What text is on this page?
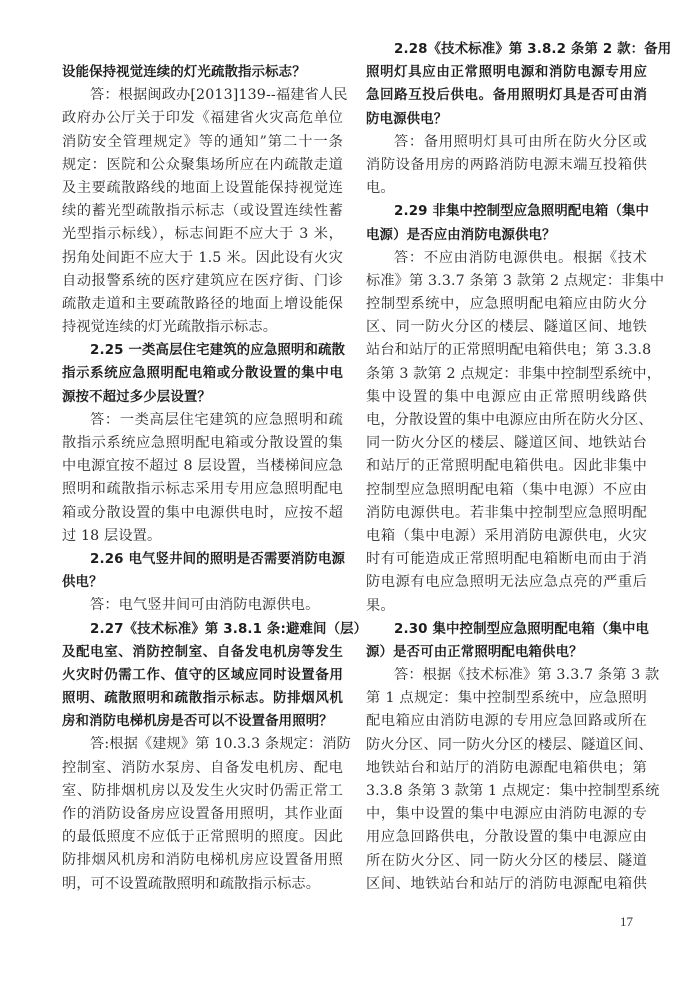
设能保持视觉连续的灯光疏散指示标志？
答：根据闽政办[2013]139--福建省人民
政府办公厅关于印发《福建省火灾高危单位
消防安全管理规定》等的通知”第二十一条
规定：医院和公众聚集场所应在内疏散走道
及主要疏散路线的地面上设置能保持视觉连
续的蓄光型疏散指示标志（或设置连续性蓄
光型指示标线），标志间距不应大于 3 米，
拐角处间距不应大于 1.5 米。因此设有火灾
自动报警系统的医疗建筑应在医疗街、门诊
疏散走道和主要疏散路径的地面上增设能保
持视觉连续的灯光疏散指示标志。
2.25 一类高层住宅建筑的应急照明和疏散
指示系统应急照明配电箱或分散设置的集中电
源按不超过多少层设置？
答：一类高层住宅建筑的应急照明和疏
散指示系统应急照明配电箱或分散设置的集
中电源宜按不超过 8 层设置，当楼梯间应急
照明和疏散指示标志采用专用应急照明配电
箱或分散设置的集中电源供电时，应按不超
过 18 层设置。
2.26 电气竖井间的照明是否需要消防电源
供电？
答：电气竖井间可由消防电源供电。
2.27《技术标准》第 3.8.1 条:避难间（层）
及配电室、消防控制室、自备发电机房等发生
火灾时仍需工作、值守的区域应同时设置备用
照明、疏散照明和疏散指示标志。防排烟风机
房和消防电梯机房是否可以不设置备用照明？
答:根据《建规》第 10.3.3 条规定：消防
控制室、消防水泵房、自备发电机房、配电
室、防排烟机房以及发生火灾时仍需正常工
作的消防设备房应设置备用照明，其作业面
的最低照度不应低于正常照明的照度。因此
防排烟风机房和消防电梯机房应设置备用照
明，可不设置疏散照明和疏散指示标志。
2.28《技术标准》第 3.8.2 条第 2 款：备用
照明灯具应由正常照明电源和消防电源专用应
急回路互投后供电。备用照明灯具是否可由消
防电源供电？
答：备用照明灯具可由所在防火分区或
消防设备用房的两路消防电源末端互投箱供
电。
2.29 非集中控制型应急照明配电箱（集中
电源）是否应由消防电源供电？
答：不应由消防电源供电。根据《技术
标准》第 3.3.7 条第 3 款第 2 点规定：非集中
控制型系统中，应急照明配电箱应由防火分
区、同一防火分区的楼层、隧道区间、地铁
站台和站厅的正常照明配电箱供电；第 3.3.8
条第 3 款第 2 点规定：非集中控制型系统中，
集中设置的集中电源应由正常照明线路供
电，分散设置的集中电源应由所在防火分区、
同一防火分区的楼层、隧道区间、地铁站台
和站厅的正常照明配电箱供电。因此非集中
控制型应急照明配电箱（集中电源）不应由
消防电源供电。若非集中控制型应急照明配
电箱（集中电源）采用消防电源供电，火灾
时有可能造成正常照明配电箱断电而由于消
防电源有电应急照明无法应急点亮的严重后
果。
2.30 集中控制型应急照明配电箱（集中电
源）是否可由正常照明配电箱供电？
答：根据《技术标准》第 3.3.7 条第 3 款
第 1 点规定：集中控制型系统中，应急照明
配电箱应由消防电源的专用应急回路或所在
防火分区、同一防火分区的楼层、隧道区间、
地铁站台和站厅的消防电源配电箱供电；第
3.3.8 条第 3 款第 1 点规定：集中控制型系统
中，集中设置的集中电源应由消防电源的专
用应急回路供电，分散设置的集中电源应由
所在防火分区、同一防火分区的楼层、隧道
区间、地铁站台和站厅的消防电源配电箱供
17
